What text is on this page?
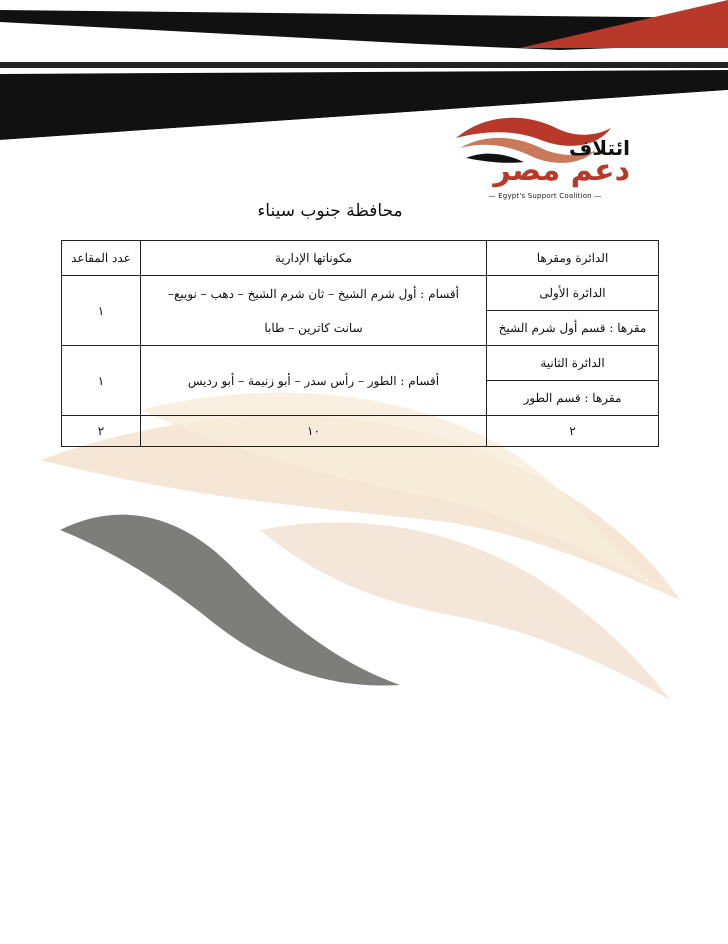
ائتلاف
دعم مصر
— Egypt's Support Coalition —
محافظة جنوب سيناء
الدائرة ومقرها	مكوناتها الإدارية	عدد المقاعد
الدائرة الأولى	أقسام : أول شرم الشيخ – ثان شرم الشيخ – دهب – نويبع–
سانت كاترين – طابا	١
مقرها : قسم أول شرم الشيخ		
الدائرة الثانية	أقسام : الطور – رأس سدر – أبو زنيمة – أبو رديس	١
مقرها : قسم الطور		
٢	١٠	٢
